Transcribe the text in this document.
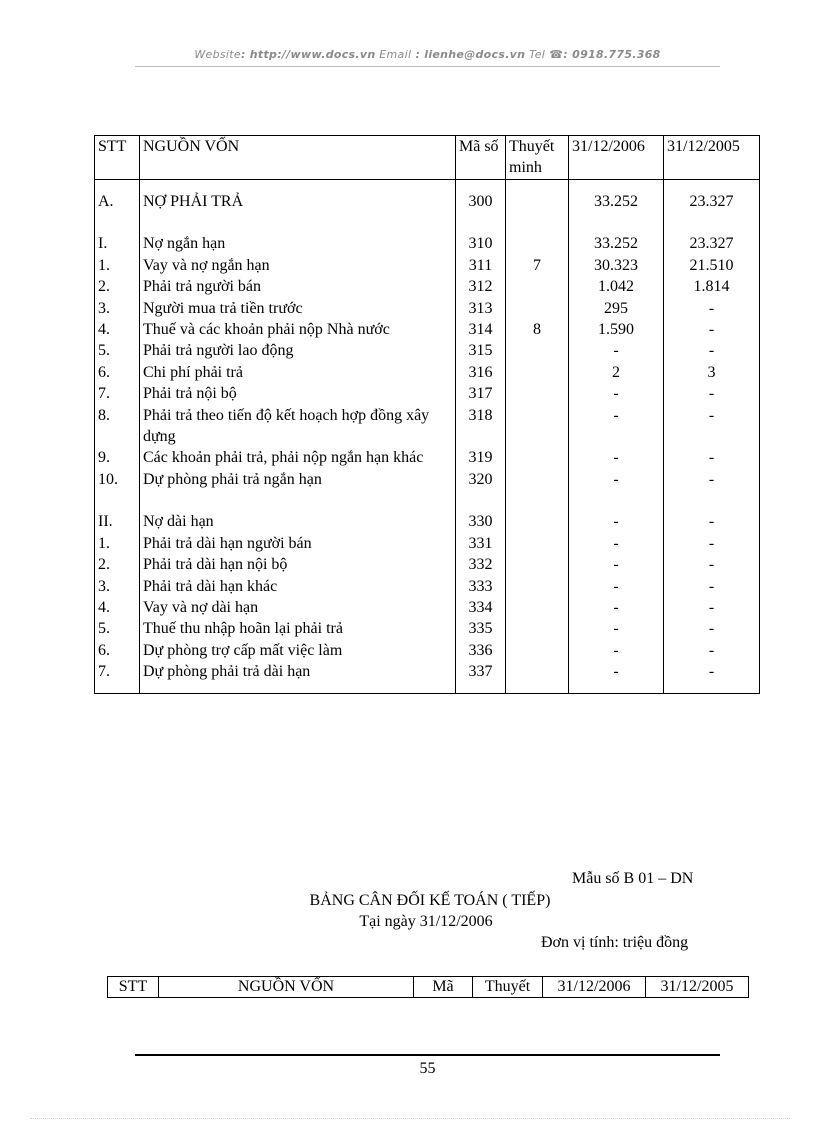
Website: http://www.docs.vn Email : lienhe@docs.vn Tel ☎: 0918.775.368
STT	NGUỒN VỐN	Mã số	Thuyết minh	31/12/2006	31/12/2005

A.	NỢ PHẢI TRẢ	300		33.252	23.327

I.	Nợ ngắn hạn	310		33.252	23.327
1.	Vay và nợ ngắn hạn	311	7	30.323	21.510
2.	Phải trả người bán	312		1.042	1.814
3.	Người mua trả tiền trước	313		295	-
4.	Thuế và các khoản phải nộp Nhà nước	314	8	1.590	-
5.	Phải trả người lao động	315		-	-
6.	Chi phí phải trả	316		2	3
7.	Phải trả nội bộ	317		-	-
8.	Phải trả theo tiến độ kết hoạch hợp đồng xây dựng	318		-	-
9.	Các khoản phải trả, phải nộp ngắn hạn khác	319		-	-
10.	Dự phòng phải trả ngắn hạn	320		-	-

II.	Nợ dài hạn	330		-	-
1.	Phải trả dài hạn người bán	331		-	-
2.	Phải trả dài hạn nội bộ	332		-	-
3.	Phải trả dài hạn khác	333		-	-
4.	Vay và nợ dài hạn	334		-	-
5.	Thuế thu nhập hoãn lại phải trả	335		-	-
6.	Dự phòng trợ cấp mất việc làm	336		-	-
7.	Dự phòng phải trả dài hạn	337		-	-

Mẫu số B 01 – DN
BẢNG CÂN ĐỐI KẾ TOÁN ( TIẾP)
Tại ngày 31/12/2006
Đơn vị tính: triệu đồng
STT	NGUỒN VỐN	Mã	Thuyết	31/12/2006	31/12/2005
55
